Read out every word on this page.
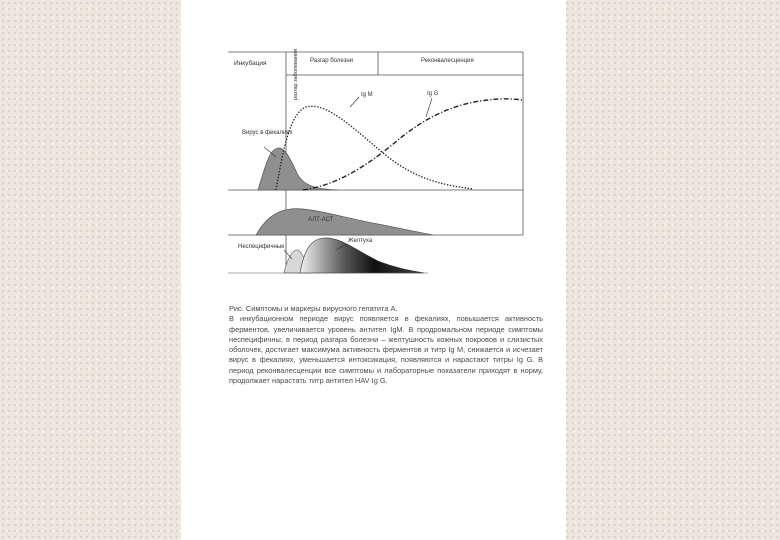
Инкубация	Разгар болезни	Реконвалесценция
разгар заболевания
Вирус в фекалиях
Ig M	Ig G
АЛТ-АСТ
Неспецифичные
Желтуха

Рис. Симптомы и маркеры вирусного гепатита А.

В инкубационном периоде вирус появляется в фекалиях, повышается активность ферментов, увеличивается уровень антител IgM. В продромальном периоде симптомы неспецифичны; в период разгара болезни – желтушность кожных покровов и слизистых оболочек, достигает максимума активность ферментов и титр Ig M, снижается и исчезает вирус в фекалиях, уменьшается интоксикация, появляются и нарастают титры Ig G. В период реконвалесценции все симптомы и лабораторные показатели приходят в норму, продолжает нарастать титр антител HAV Ig G.
